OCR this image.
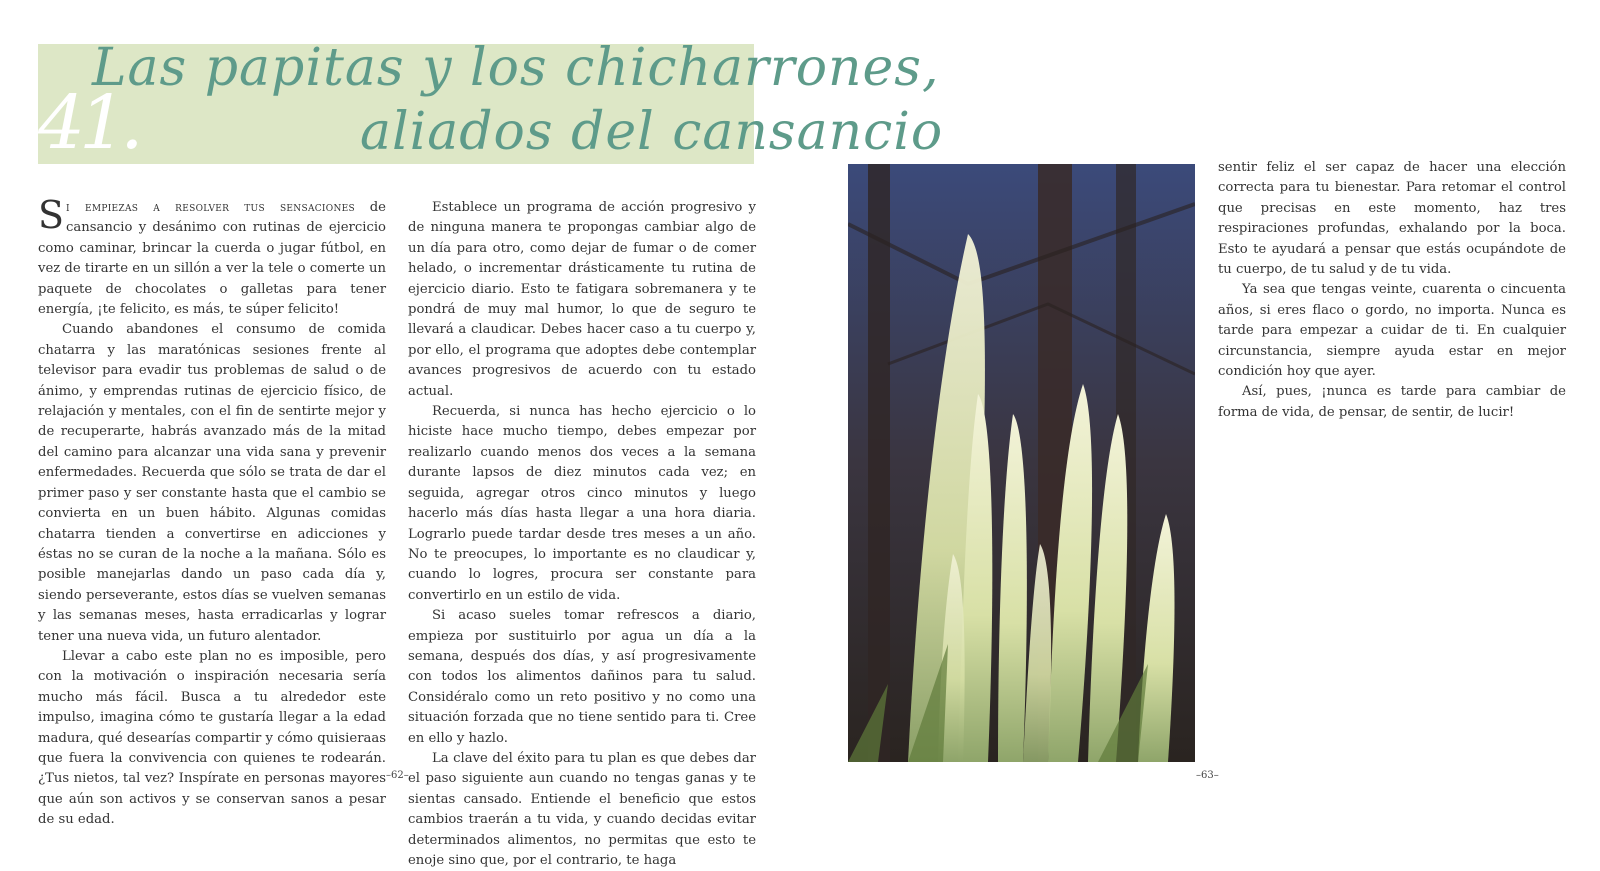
41.
Las papitas y los chicharrones,
aliados del cansancio

Si empiezas a resolver tus sensaciones de cansancio y desánimo con rutinas de ejercicio como caminar, brincar la cuerda o jugar fútbol, en vez de tirarte en un sillón a ver la tele o comerte un paquete de chocolates o galletas para tener energía, ¡te felicito, es más, te súper felicito!

Cuando abandones el consumo de comida chatarra y las maratónicas sesiones frente al televisor para evadir tus problemas de salud o de ánimo, y emprendas rutinas de ejercicio físico, de relajación y mentales, con el fin de sentirte mejor y de recuperarte, habrás avanzado más de la mitad del camino para alcanzar una vida sana y prevenir enfermedades. Recuerda que sólo se trata de dar el primer paso y ser constante hasta que el cambio se convierta en un buen hábito. Algunas comidas chatarra tienden a convertirse en adicciones y éstas no se curan de la noche a la mañana. Sólo es posible manejarlas dando un paso cada día y, siendo perseverante, estos días se vuelven semanas y las semanas meses, hasta erradicarlas y lograr tener una nueva vida, un futuro alentador.

Llevar a cabo este plan no es imposible, pero con la motivación o inspiración necesaria sería mucho más fácil. Busca a tu alrededor este impulso, imagina cómo te gustaría llegar a la edad madura, qué desearías compartir y cómo quisieraas que fuera la convivencia con quienes te rodearán. ¿Tus nietos, tal vez? Inspírate en personas mayores que aún son activos y se conservan sanos a pesar de su edad.

Establece un programa de acción progresivo y de ninguna manera te propongas cambiar algo de un día para otro, como dejar de fumar o de comer helado, o incrementar drásticamente tu rutina de ejercicio diario. Esto te fatigara sobremanera y te pondrá de muy mal humor, lo que de seguro te llevará a claudicar. Debes hacer caso a tu cuerpo y, por ello, el programa que adoptes debe contemplar avances progresivos de acuerdo con tu estado actual.

Recuerda, si nunca has hecho ejercicio o lo hiciste hace mucho tiempo, debes empezar por realizarlo cuando menos dos veces a la semana durante lapsos de diez minutos cada vez; en seguida, agregar otros cinco minutos y luego hacerlo más días hasta llegar a una hora diaria. Lograrlo puede tardar desde tres meses a un año. No te preocupes, lo importante es no claudicar y, cuando lo logres, procura ser constante para convertirlo en un estilo de vida.

Si acaso sueles tomar refrescos a diario, empieza por sustituirlo por agua un día a la semana, después dos días, y así progresivamente con todos los alimentos dañinos para tu salud. Considéralo como un reto positivo y no como una situación forzada que no tiene sentido para ti. Cree en ello y hazlo.

La clave del éxito para tu plan es que debes dar el paso siguiente aun cuando no tengas ganas y te sientas cansado. Entiende el beneficio que estos cambios traerán a tu vida, y cuando decidas evitar determinados alimentos, no permitas que esto te enoje sino que, por el contrario, te haga

sentir feliz el ser capaz de hacer una elección correcta para tu bienestar. Para retomar el control que precisas en este momento, haz tres respiraciones profundas, exhalando por la boca. Esto te ayudará a pensar que estás ocupándote de tu cuerpo, de tu salud y de tu vida.

Ya sea que tengas veinte, cuarenta o cincuenta años, si eres flaco o gordo, no importa. Nunca es tarde para empezar a cuidar de ti. En cualquier circunstancia, siempre ayuda estar en mejor condición hoy que ayer.

Así, pues, ¡nunca es tarde para cambiar de forma de vida, de pensar, de sentir, de lucir!

–62–	–63–
